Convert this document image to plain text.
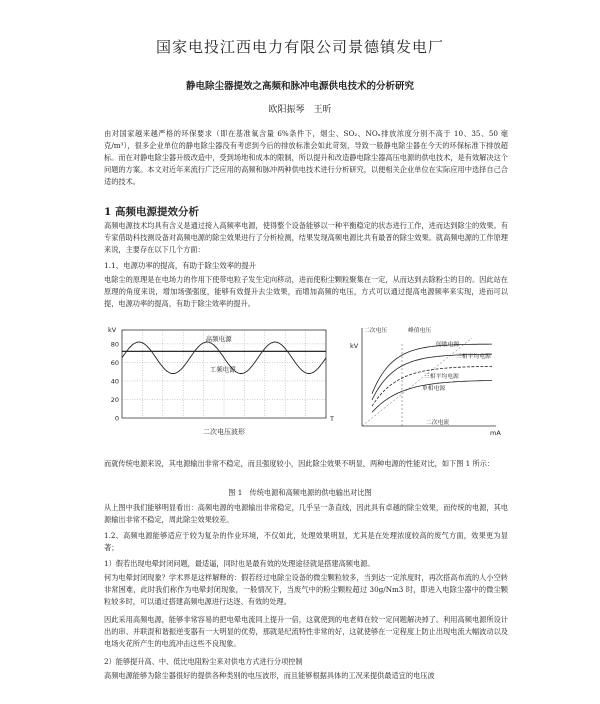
国家电投江西电力有限公司景德镇发电厂
静电除尘器提效之高频和脉冲电源供电技术的分析研究
欧阳振琴　王昕
由对国家越来越严格的环保要求（即在基准氧含量 6%条件下，烟尘、SO₂、NOₓ排放浓度分别不高于 10、35、50 毫克/m³），很多企业单位的静电除尘器没有考虑到今后的排放标准会如此苛刻，导致一般静电除尘器在今天的环保标准下排放超标。而在对静电除尘器升级改造中，受到场地和成本的限制，所以提升和改造静电除尘器高压电源的供电技术，是有效解决这个问题的方案。本文对近年来流行广泛应用的高频和脉冲两种供电技术进行分析研究，以便相关企业单位在实际应用中选择自己合适的技术。
1 高频电源提效分析
高频电源技术均具有含义是通过接入高频率电源，使得整个设备能够以一种平衡稳定的状态进行工作，进而达到除尘的效果。有专家借助科技测设备对高频电源的除尘效果进行了分析检测，结果发现高频电源比共有最普的除尘效果。就高频电源的工作原理来说，主要存在以下几个方面：
1.1、电源功率的提高，有助于除尘效率的提升
电除尘的原理是在电场力的作用下使带电粒子发生定向移动，进而使粉尘颗粒聚集在一定，从而达到去除粉尘的目的。因此站在原理的角度来说，增加场强强度，能够有效提升去尘效果，而增加高频的电压，方式可以通过提高电源频率来实现，进而可以提，电源功率的提高，有助于除尘效率的提升。
0
20
40
60
80
kV
T
高频电源
工频电源
二次电压波形
kV
mA
二次电压	峰值电压
间歇电源
三相平均电源
三相平均电源
单相电源
二次电流
而就传统电源来说，其电源输出非常不稳定，而且强度较小，因此除尘效果不明显，两种电源的性能对比，如下图 1 所示：
图 1　传统电源和高频电源的供电输出对比图
从上图中我们能够明显看出：高频电源的电源输出非常稳定，几乎呈一条直线，因此具有卓越的除尘效果，而传统的电源，其电源输出非常不稳定，周此除尘效果较差。
1.2、高频电源能够适应于较为复杂的作业环境，不仅如此，处理效果明显，尤其是在处理浓度较高的废气方面，效果更为显著；
1）假若出现电晕封闭问题，最适逼，同时也是最有效的处理途径就是搭建高频电源。
何为电晕封闭现象？学术界是这样解释的：假若经过电除尘设备的微尘颗粒较多，当到达一定浓度时，再次搭高布流的人小空转非常困难，此时我们称作为电晕封闭现象，一般情况下，当废气中的粉尘颗粒超过 30g/Nm3 时，即进入电除尘器中的微尘颗粒较多时，可以通过搭建高频电源进行达逐、有效的处理。
因此采用高频电源，能够非常容易的把电晕电流同上提升一倍，这就使到的电老师在较一定问题解决掉了。利用高频电源所设计出的串、并联混和谐振逆变器有一大明显的优势，那就是纪流特性非常的好，这就使够在一定程度上防止出现电流大幅波动以及电场火花所产生的电流冲击这些不良现象。
2）能够提升高、中、低比电阻粉尘来对供电方式进行分项控制
高频电源能够为除尘器很好的提供各种类别的电压波形，而且能够根据具体的工况来提供最适宜的电压波
